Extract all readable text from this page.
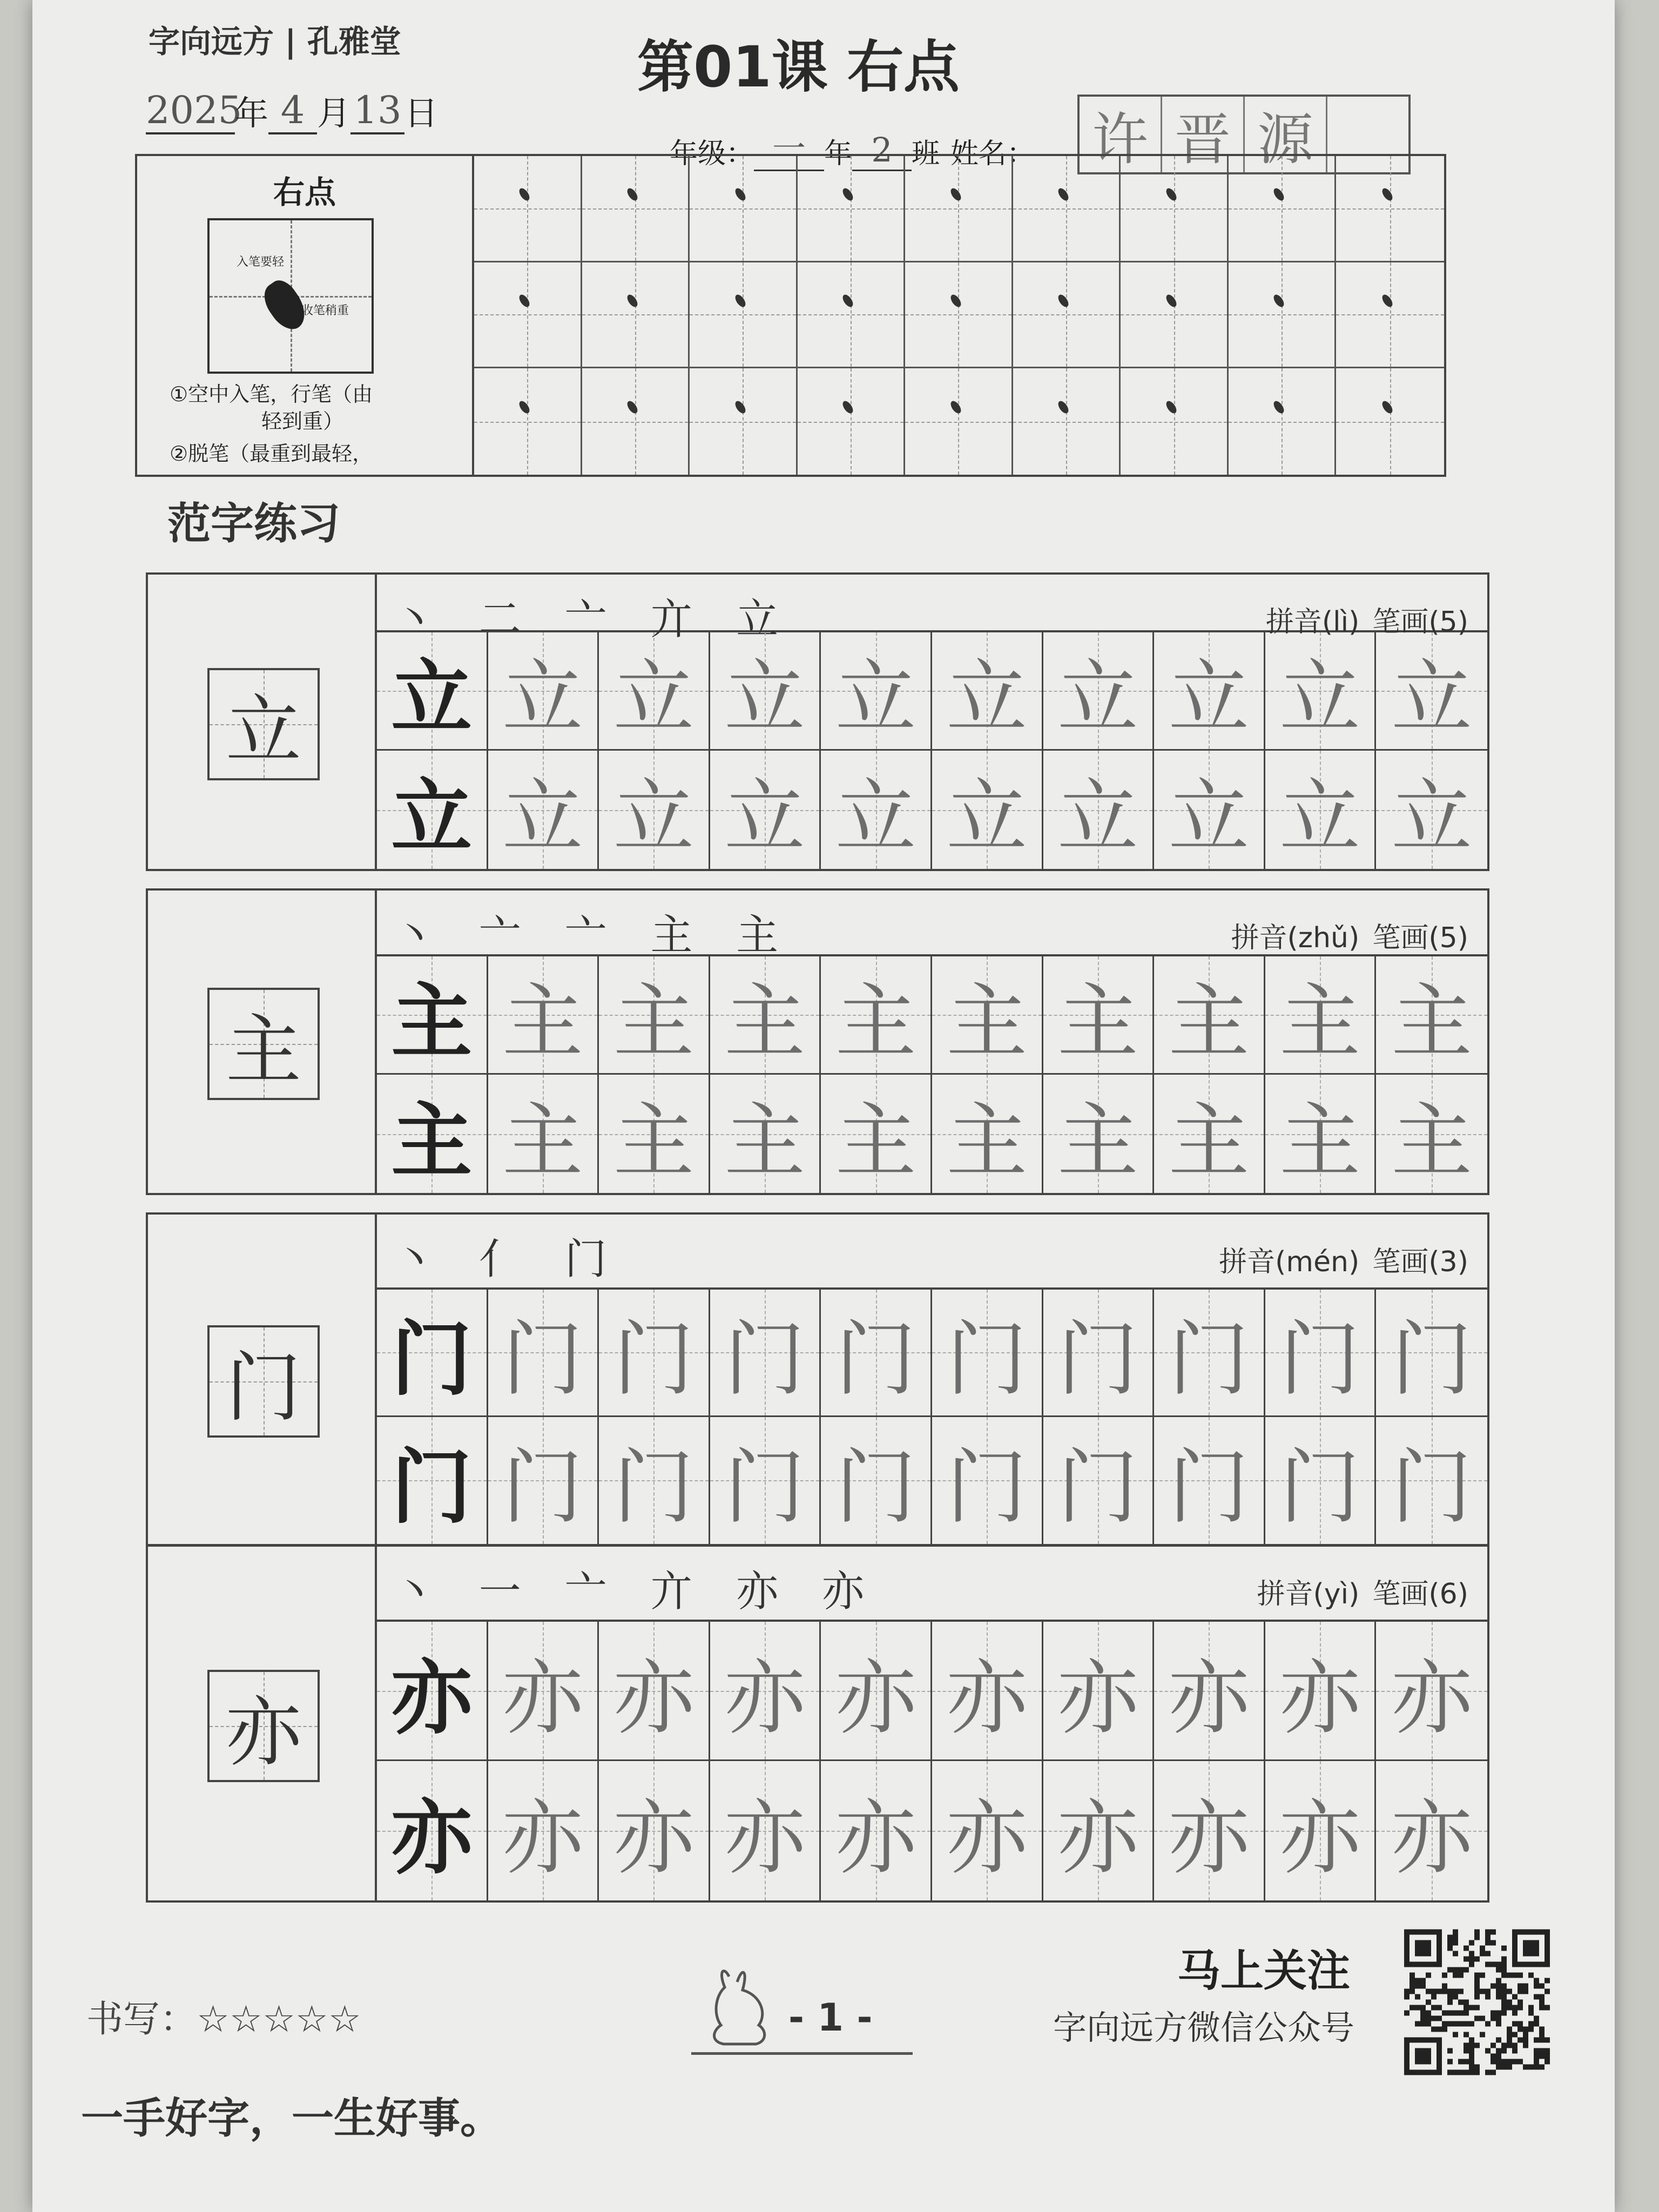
字向远方 | 孔雅堂	第01课 右点
2025
年 4 月 13 日
年级： 一 年 2 班 姓名： 许 晋 源
右点
入笔要轻
收笔稍重
①空中入笔，行笔（由
轻到重）
②脱笔（最重到最轻，
范字练习
立
丶 二 亠 亣 立	拼音(lì) 笔画(5)
立 立 立 立 立 立 立 立 立 立
立 立 立 立 立 立 立 立 立 立
主
丶 亠 亠 主 主	拼音(zhǔ) 笔画(5)
主 主 主 主 主 主 主 主 主 主
主 主 主 主 主 主 主 主 主 主
门
丶 亻 门	拼音(mén) 笔画(3)
门 门 门 门 门 门 门 门 门 门
门 门 门 门 门 门 门 门 门 门
亦
丶 一 亠 亣 亦 亦	拼音(yì) 笔画(6)
亦 亦 亦 亦 亦 亦 亦 亦 亦 亦
亦 亦 亦 亦 亦 亦 亦 亦 亦 亦
- 1 -
书写：☆☆☆☆☆
一手好字，一生好事。
马上关注
字向远方微信公众号
